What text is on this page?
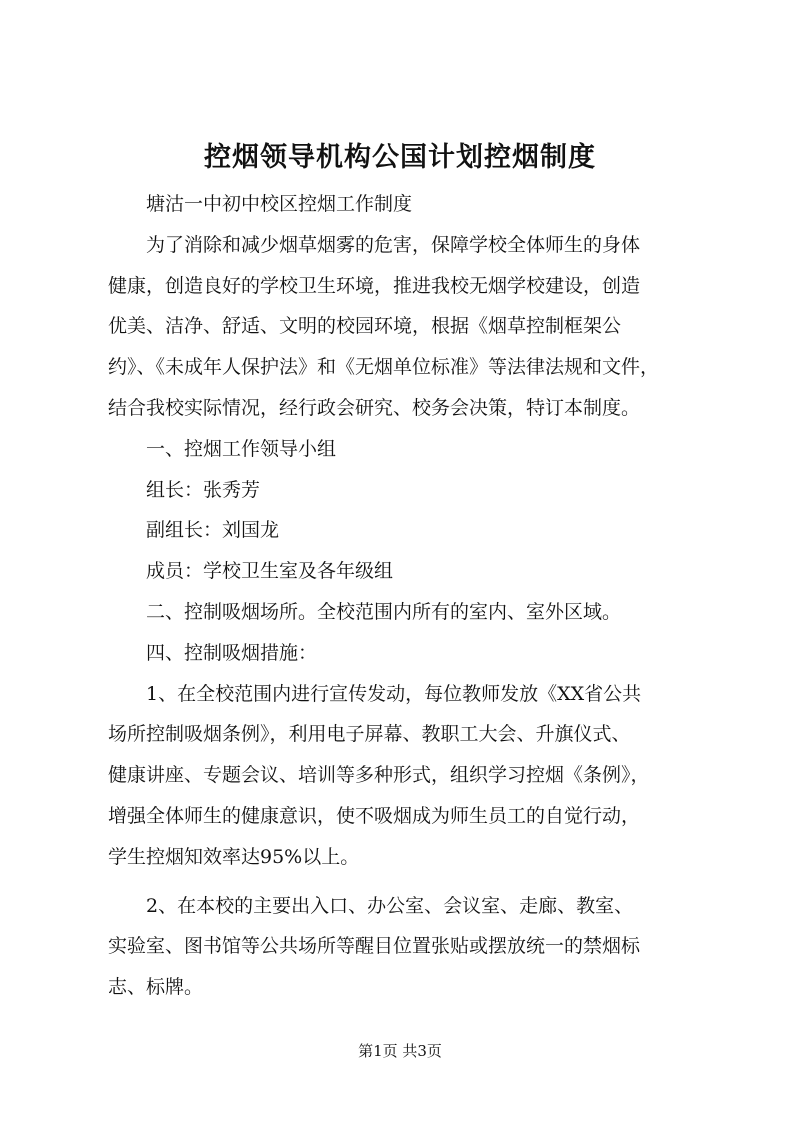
控烟领导机构公国计划控烟制度

塘沽一中初中校区控烟工作制度

为了消除和减少烟草烟雾的危害，保障学校全体师生的身体

健康，创造良好的学校卫生环境，推进我校无烟学校建设，创造

优美、洁净、舒适、文明的校园环境，根据《烟草控制框架公

约》、《未成年人保护法》和《无烟单位标准》等法律法规和文件，

结合我校实际情况，经行政会研究、校务会决策，特订本制度。

一、控烟工作领导小组

组长：张秀芳

副组长：刘国龙

成员：学校卫生室及各年级组

二、控制吸烟场所。全校范围内所有的室内、室外区域。

四、控制吸烟措施：

1、在全校范围内进行宣传发动，每位教师发放《XX省公共

场所控制吸烟条例》，利用电子屏幕、教职工大会、升旗仪式、

健康讲座、专题会议、培训等多种形式，组织学习控烟《条例》，

增强全体师生的健康意识，使不吸烟成为师生员工的自觉行动，

学生控烟知效率达95%以上。

2、在本校的主要出入口、办公室、会议室、走廊、教室、

实验室、图书馆等公共场所等醒目位置张贴或摆放统一的禁烟标

志、标牌。

第1页 共3页
